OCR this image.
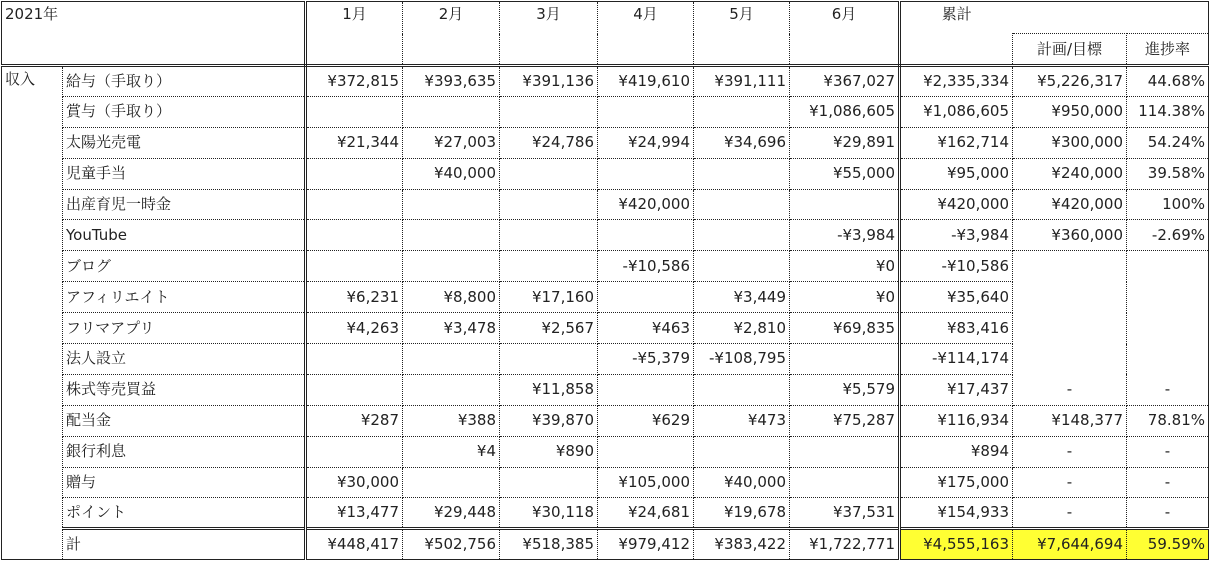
2021年		1月	2月	3月	4月	5月	6月	累計		
									計画/目標	進捗率
収入	給与（手取り）	¥372,815	¥393,635	¥391,136	¥419,610	¥391,111	¥367,027	¥2,335,334	¥5,226,317	44.68%
	賞与（手取り）						¥1,086,605	¥1,086,605	¥950,000	114.38%
	太陽光売電	¥21,344	¥27,003	¥24,786	¥24,994	¥34,696	¥29,891	¥162,714	¥300,000	54.24%
	児童手当		¥40,000				¥55,000	¥95,000	¥240,000	39.58%
	出産育児一時金				¥420,000			¥420,000	¥420,000	100%
	YouTube						-¥3,984	-¥3,984	¥360,000	-2.69%
	ブログ				-¥10,586		¥0	-¥10,586		
	アフィリエイト	¥6,231	¥8,800	¥17,160		¥3,449	¥0	¥35,640		
	フリマアプリ	¥4,263	¥3,478	¥2,567	¥463	¥2,810	¥69,835	¥83,416		
	法人設立				-¥5,379	-¥108,795		-¥114,174		
	株式等売買益			¥11,858			¥5,579	¥17,437	-	-
	配当金	¥287	¥388	¥39,870	¥629	¥473	¥75,287	¥116,934	¥148,377	78.81%
	銀行利息		¥4	¥890				¥894	-	-
	贈与	¥30,000			¥105,000	¥40,000		¥175,000	-	-
	ポイント	¥13,477	¥29,448	¥30,118	¥24,681	¥19,678	¥37,531	¥154,933	-	-
	計	¥448,417	¥502,756	¥518,385	¥979,412	¥383,422	¥1,722,771	¥4,555,163	¥7,644,694	59.59%
